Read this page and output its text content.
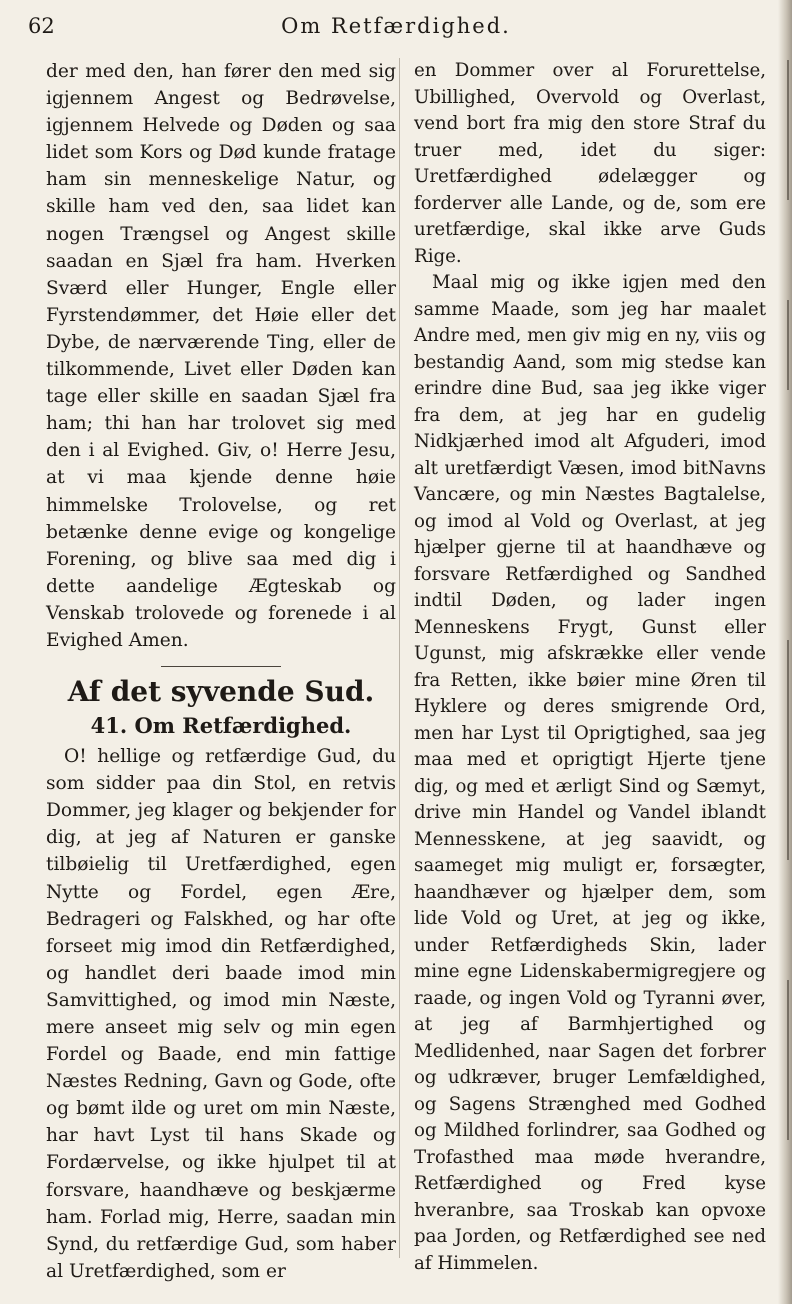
62	Om Retfærdighed.

der med den, han fører den med sig igjennem Angest og Bedrøvelse, igjennem Helvede og Døden og saa lidet som Kors og Død kunde fratage ham sin menneskelige Natur, og skille ham ved den, saa lidet kan nogen Trængsel og Angest skille saadan en Sjæl fra ham. Hverken Sværd eller Hunger, Engle eller Fyrstendømmer, det Høie eller det Dybe, de nærværende Ting, eller de tilkommende, Livet eller Døden kan tage eller skille en saadan Sjæl fra ham; thi han har trolovet sig med den i al Evighed. Giv, o! Herre Jesu, at vi maa kjende denne høie himmelske Trolovelse, og ret betænke denne evige og kongelige Forening, og blive saa med dig i dette aandelige Ægteskab og Venskab trolovede og forenede i al Evighed Amen.

Af det syvende Sud.
41. Om Retfærdighed.

O! hellige og retfærdige Gud, du som sidder paa din Stol, en retvis Dommer, jeg klager og bekjender for dig, at jeg af Naturen er ganske tilbøielig til Uretfærdighed, egen Nytte og Fordel, egen Ære, Bedrageri og Falskhed, og har ofte forseet mig imod din Retfærdighed, og handlet deri baade imod min Samvittighed, og imod min Næste, mere anseet mig selv og min egen Fordel og Baade, end min fattige Næstes Redning, Gavn og Gode, ofte og bømt ilde og uret om min Næste, har havt Lyst til hans Skade og Fordærvelse, og ikke hjulpet til at forsvare, haandhæve og beskjærme ham. Forlad mig, Herre, saadan min Synd, du retfærdige Gud, som haber al Uretfærdighed, som er

en Dommer over al Forurettelse, Ubillighed, Overvold og Overlast, vend bort fra mig den store Straf du truer med, idet du siger: Uretfærdighed ødelægger og forderver alle Lande, og de, som ere uretfærdige, skal ikke arve Guds Rige.

Maal mig og ikke igjen med den samme Maade, som jeg har maalet Andre med, men giv mig en ny, viis og bestandig Aand, som mig stedse kan erindre dine Bud, saa jeg ikke viger fra dem, at jeg har en gudelig Nidkjærhed imod alt Afguderi, imod alt uretfærdigt Væsen, imod bitNavns Vancære, og min Næstes Bagtalelse, og imod al Vold og Overlast, at jeg hjælper gjerne til at haandhæve og forsvare Retfærdighed og Sandhed indtil Døden, og lader ingen Menneskens Frygt, Gunst eller Ugunst, mig afskrække eller vende fra Retten, ikke bøier mine Øren til Hyklere og deres smigrende Ord, men har Lyst til Oprigtighed, saa jeg maa med et oprigtigt Hjerte tjene dig, og med et ærligt Sind og Sæmyt, drive min Handel og Vandel iblandt Mennesskene, at jeg saavidt, og saameget mig muligt er, forsægter, haandhæver og hjælper dem, som lide Vold og Uret, at jeg og ikke, under Retfærdigheds Skin, lader mine egne Lidenskabermigregjere og raade, og ingen Vold og Tyranni øver, at jeg af Barmhjertighed og Medlidenhed, naar Sagen det forbrer og udkræver, bruger Lemfældighed, og Sagens Strænghed med Godhed og Mildhed forlindrer, saa Godhed og Trofasthed maa møde hverandre, Retfærdighed og Fred kyse hveranbre, saa Troskab kan opvoxe paa Jorden, og Retfærdighed see ned af Himmelen.
